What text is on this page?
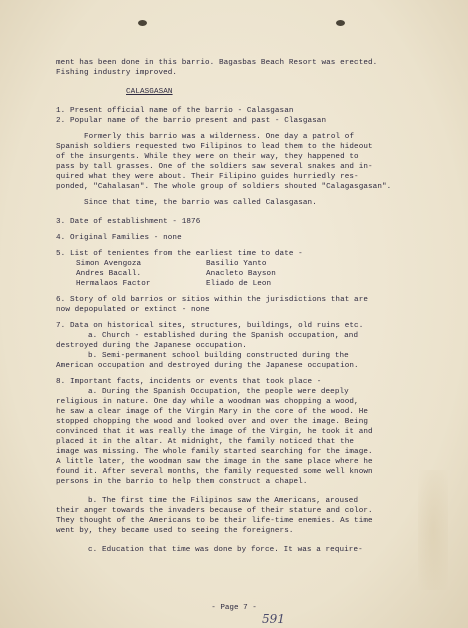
ment has been done in this barrio. Bagasbas Beach Resort was erected.

Fishing industry improved.

CALASGASAN

1. Present official name of the barrio - Calasgasan

2. Popular name of the barrio present and past - Clasgasan

Formerly this barrio was a wilderness. One day a patrol of

Spanish soldiers requested two Filipinos to lead them to the hideout

of the insurgents. While they were on their way, they happened to

pass by tall grasses. One of the soldiers saw several snakes and in-

quired what they were about. Their Filipino guides hurriedly res-

ponded, "Cahalasan". The whole group of soldiers shouted "Calagasgasan".

Since that time, the barrio was called Calasgasan.

3. Date of establishment - 1876

4. Original Families - none

5. List of tenientes from the earliest time to date -

Simon Avengoza	Basilio Yanto
Andres Bacall.	Anacleto Bayson
Hermalaos Factor	Eliado de Leon

6. Story of old barrios or sitios within the jurisdictions that are

now depopulated or extinct - none

7. Data on historical sites, structures, buildings, old ruins etc.

a. Church - established during the Spanish occupation, and

destroyed during the Japanese occupation.

b. Semi-permanent school building constructed during the

American occupation and destroyed during the Japanese occupation.

8. Important facts, incidents or events that took place -

a. During the Spanish Occupation, the people were deeply

religious in nature. One day while a woodman was chopping a wood,

he saw a clear image of the Virgin Mary in the core of the wood. He

stopped chopping the wood and looked over and over the image. Being

convinced that it was really the image of the Virgin, he took it and

placed it in the altar. At midnight, the family noticed that the

image was missing. The whole family started searching for the image.

A little later, the woodman saw the image in the same place where he

found it. After several months, the family requested some well known

persons in the barrio to help them construct a chapel.

b. The first time the Filipinos saw the Americans, aroused

their anger towards the invaders because of their stature and color.

They thought of the Americans to be their life-time enemies. As time

went by, they became used to seeing the foreigners.

c. Education that time was done by force. It was a require-

- Page 7 -
591
